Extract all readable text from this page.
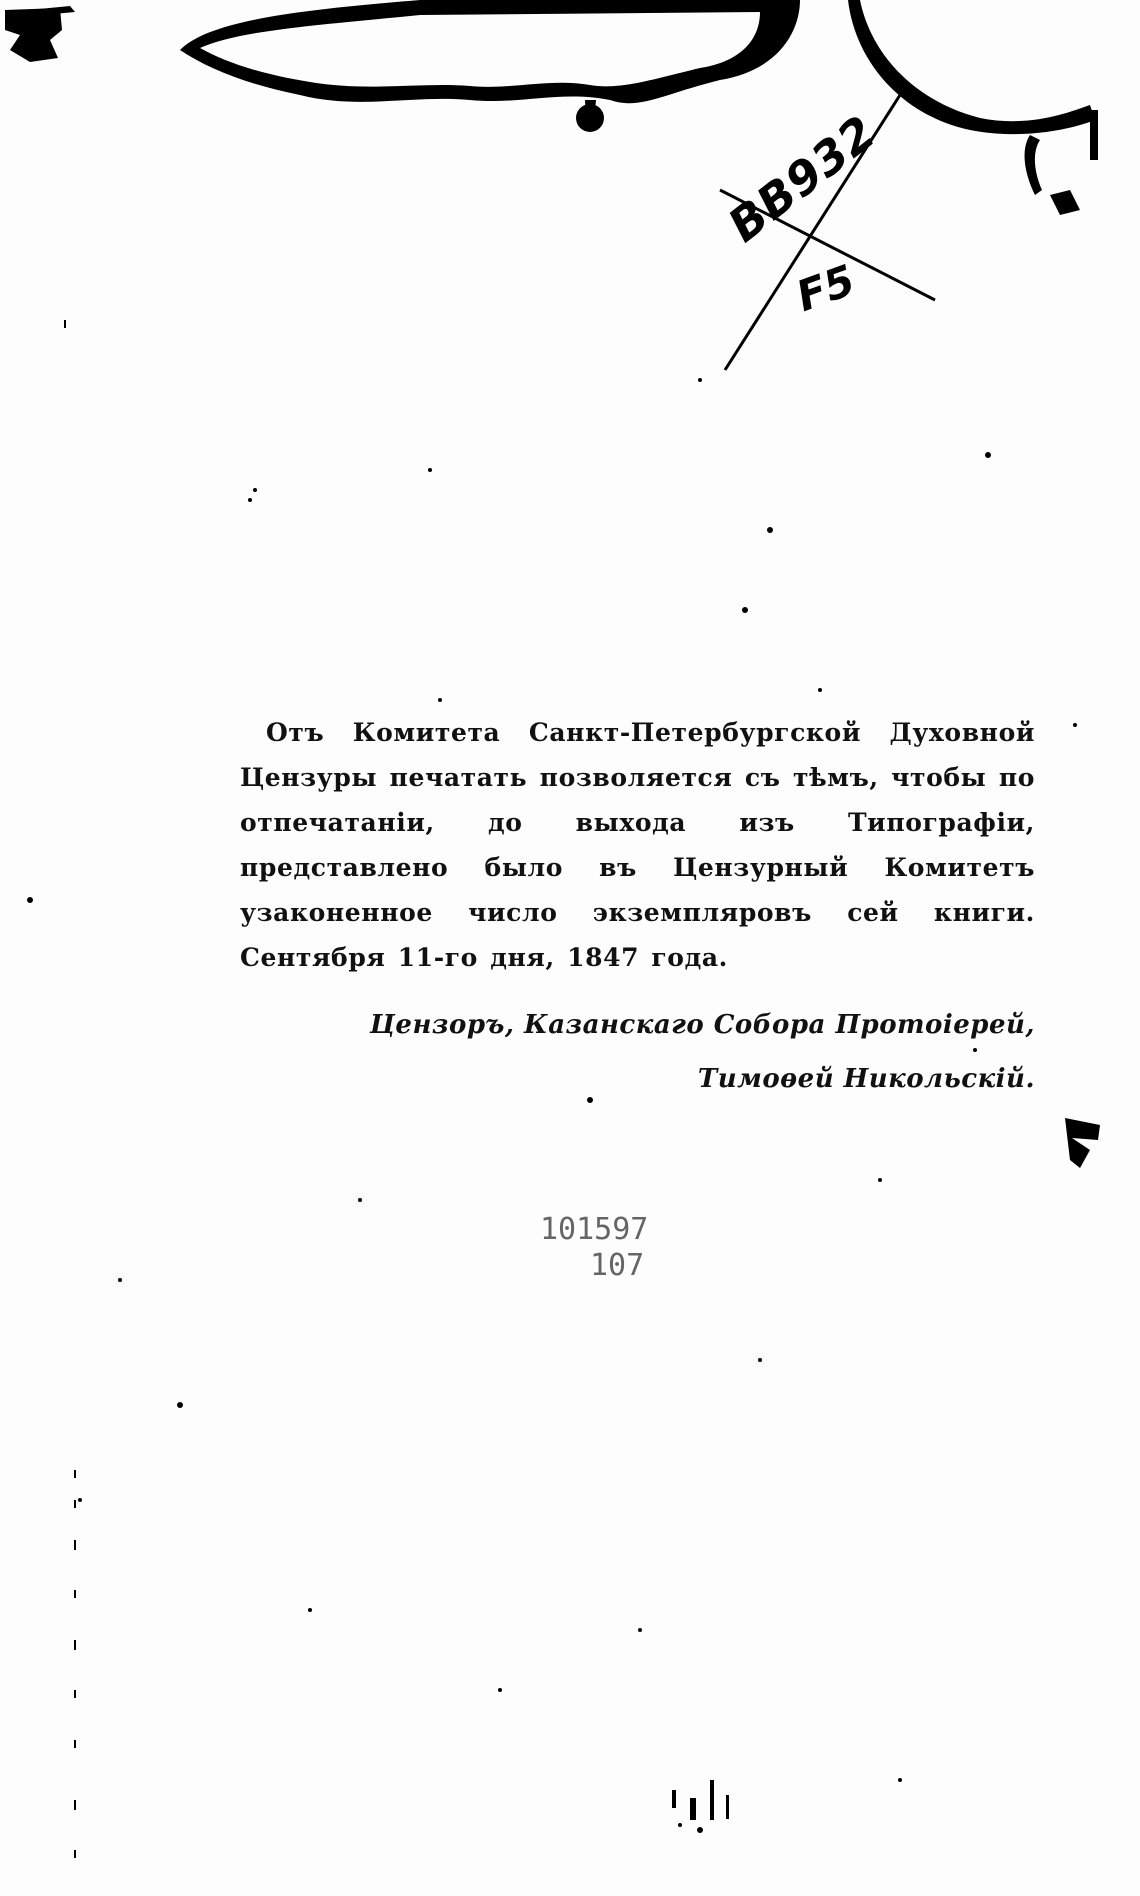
ВВ932
F5

Отъ Комитета Санкт-Петербургской Духовной Цензуры печатать позволяется съ тѣмъ, чтобы по отпечатаніи, до выхода изъ Типографіи, представлено было въ Цензурный Комитетъ узаконенное число экземпляровъ сей книги. Сентября 11-го дня, 1847 года.

Цензоръ, Казанскаго Собора Протоіерей,

Тимоѳей Никольскій.

101597
107
